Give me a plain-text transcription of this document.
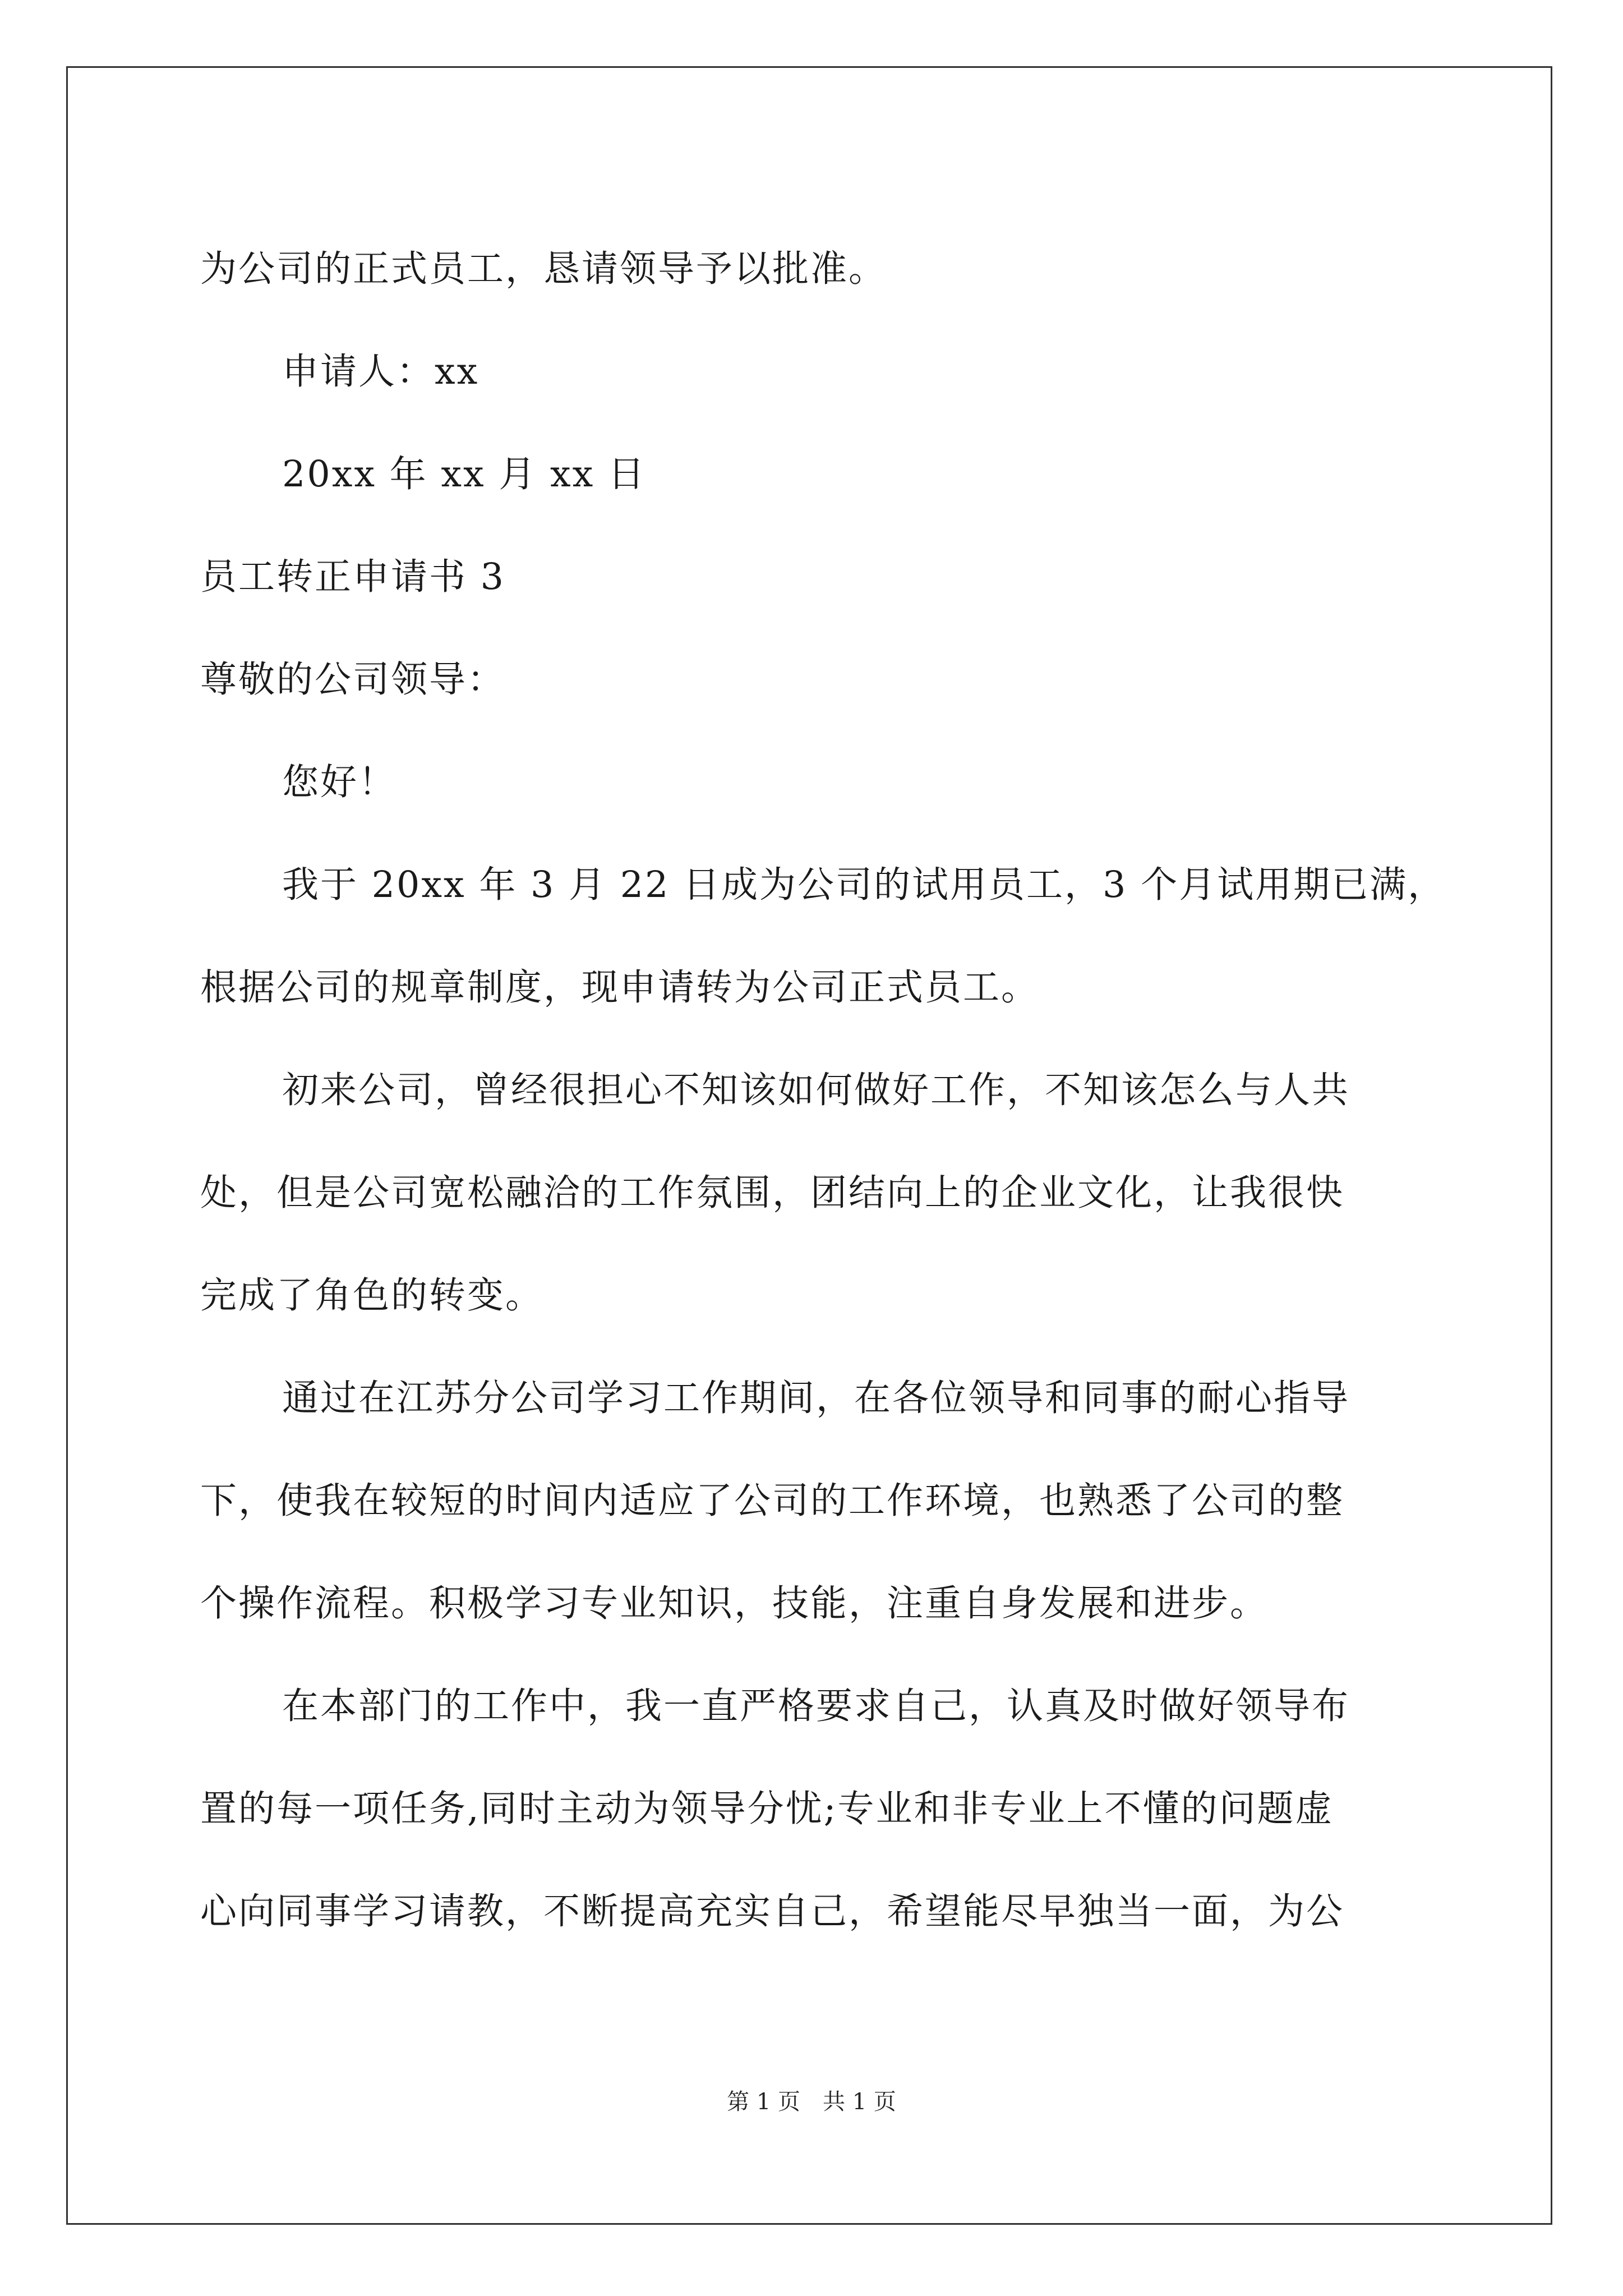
为公司的正式员工，恳请领导予以批准。
申请人：xx
20xx 年 xx 月 xx 日
员工转正申请书 3
尊敬的公司领导：
您好！
我于 20xx 年 3 月 22 日成为公司的试用员工，3 个月试用期已满，
根据公司的规章制度，现申请转为公司正式员工。
初来公司，曾经很担心不知该如何做好工作，不知该怎么与人共
处，但是公司宽松融洽的工作氛围，团结向上的企业文化，让我很快
完成了角色的转变。
通过在江苏分公司学习工作期间，在各位领导和同事的耐心指导
下，使我在较短的时间内适应了公司的工作环境，也熟悉了公司的整
个操作流程。积极学习专业知识，技能，注重自身发展和进步。
在本部门的工作中，我一直严格要求自己，认真及时做好领导布
置的每一项任务,同时主动为领导分忧;专业和非专业上不懂的问题虚
心向同事学习请教，不断提高充实自己，希望能尽早独当一面，为公
第 1 页 共 1 页
